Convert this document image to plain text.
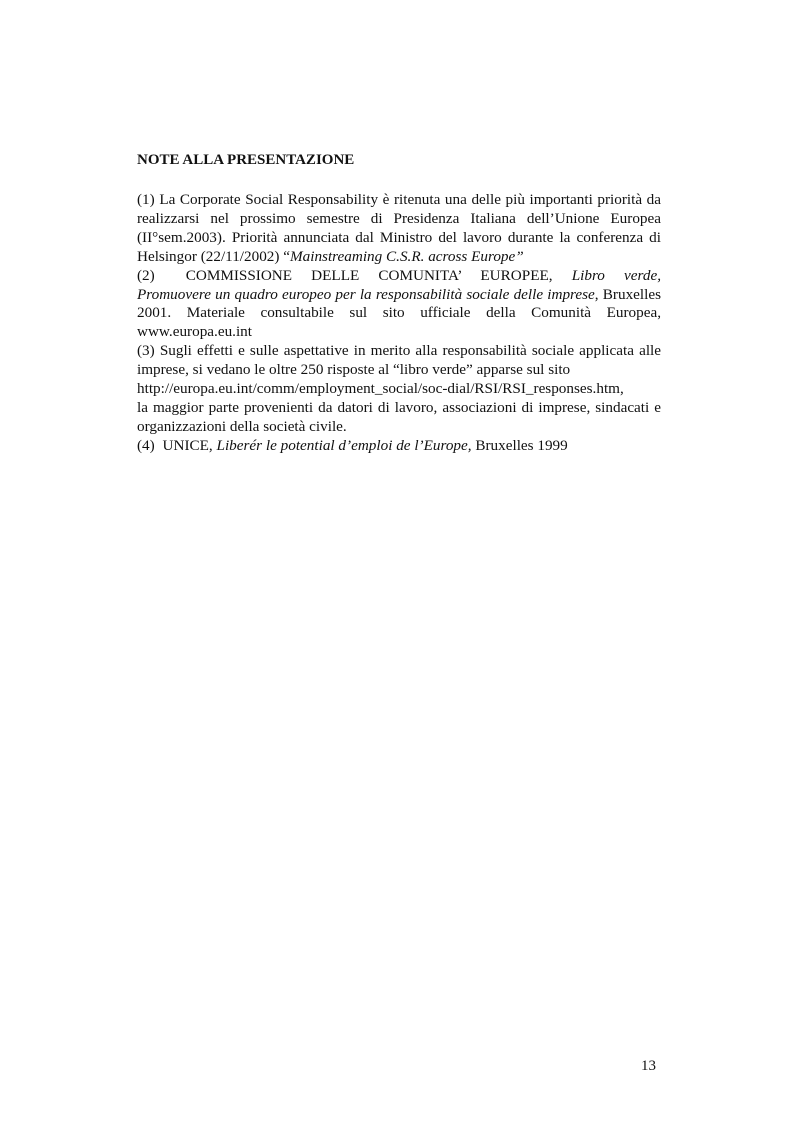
NOTE ALLA PRESENTAZIONE

(1) La Corporate Social Responsability è ritenuta una delle più importanti priorità da realizzarsi nel prossimo semestre di Presidenza Italiana dell’Unione Europea (II°sem.2003). Priorità annunciata dal Ministro del lavoro durante la conferenza di Helsingor (22/11/2002) “Mainstreaming C.S.R. across Europe”

(2) COMMISSIONE DELLE COMUNITA’ EUROPEE, Libro verde, Promuovere un quadro europeo per la responsabilità sociale delle imprese, Bruxelles 2001. Materiale consultabile sul sito ufficiale della Comunità Europea, www.europa.eu.int

(3) Sugli effetti e sulle aspettative in merito alla responsabilità sociale applicata alle imprese, si vedano le oltre 250 risposte al “libro verde” apparse sul sito
http://europa.eu.int/comm/employment_social/soc-dial/RSI/RSI_responses.htm,
la maggior parte provenienti da datori di lavoro, associazioni di imprese, sindacati e organizzazioni della società civile.

(4) UNICE, Liberér le potential d’emploi de l’Europe, Bruxelles 1999

13
